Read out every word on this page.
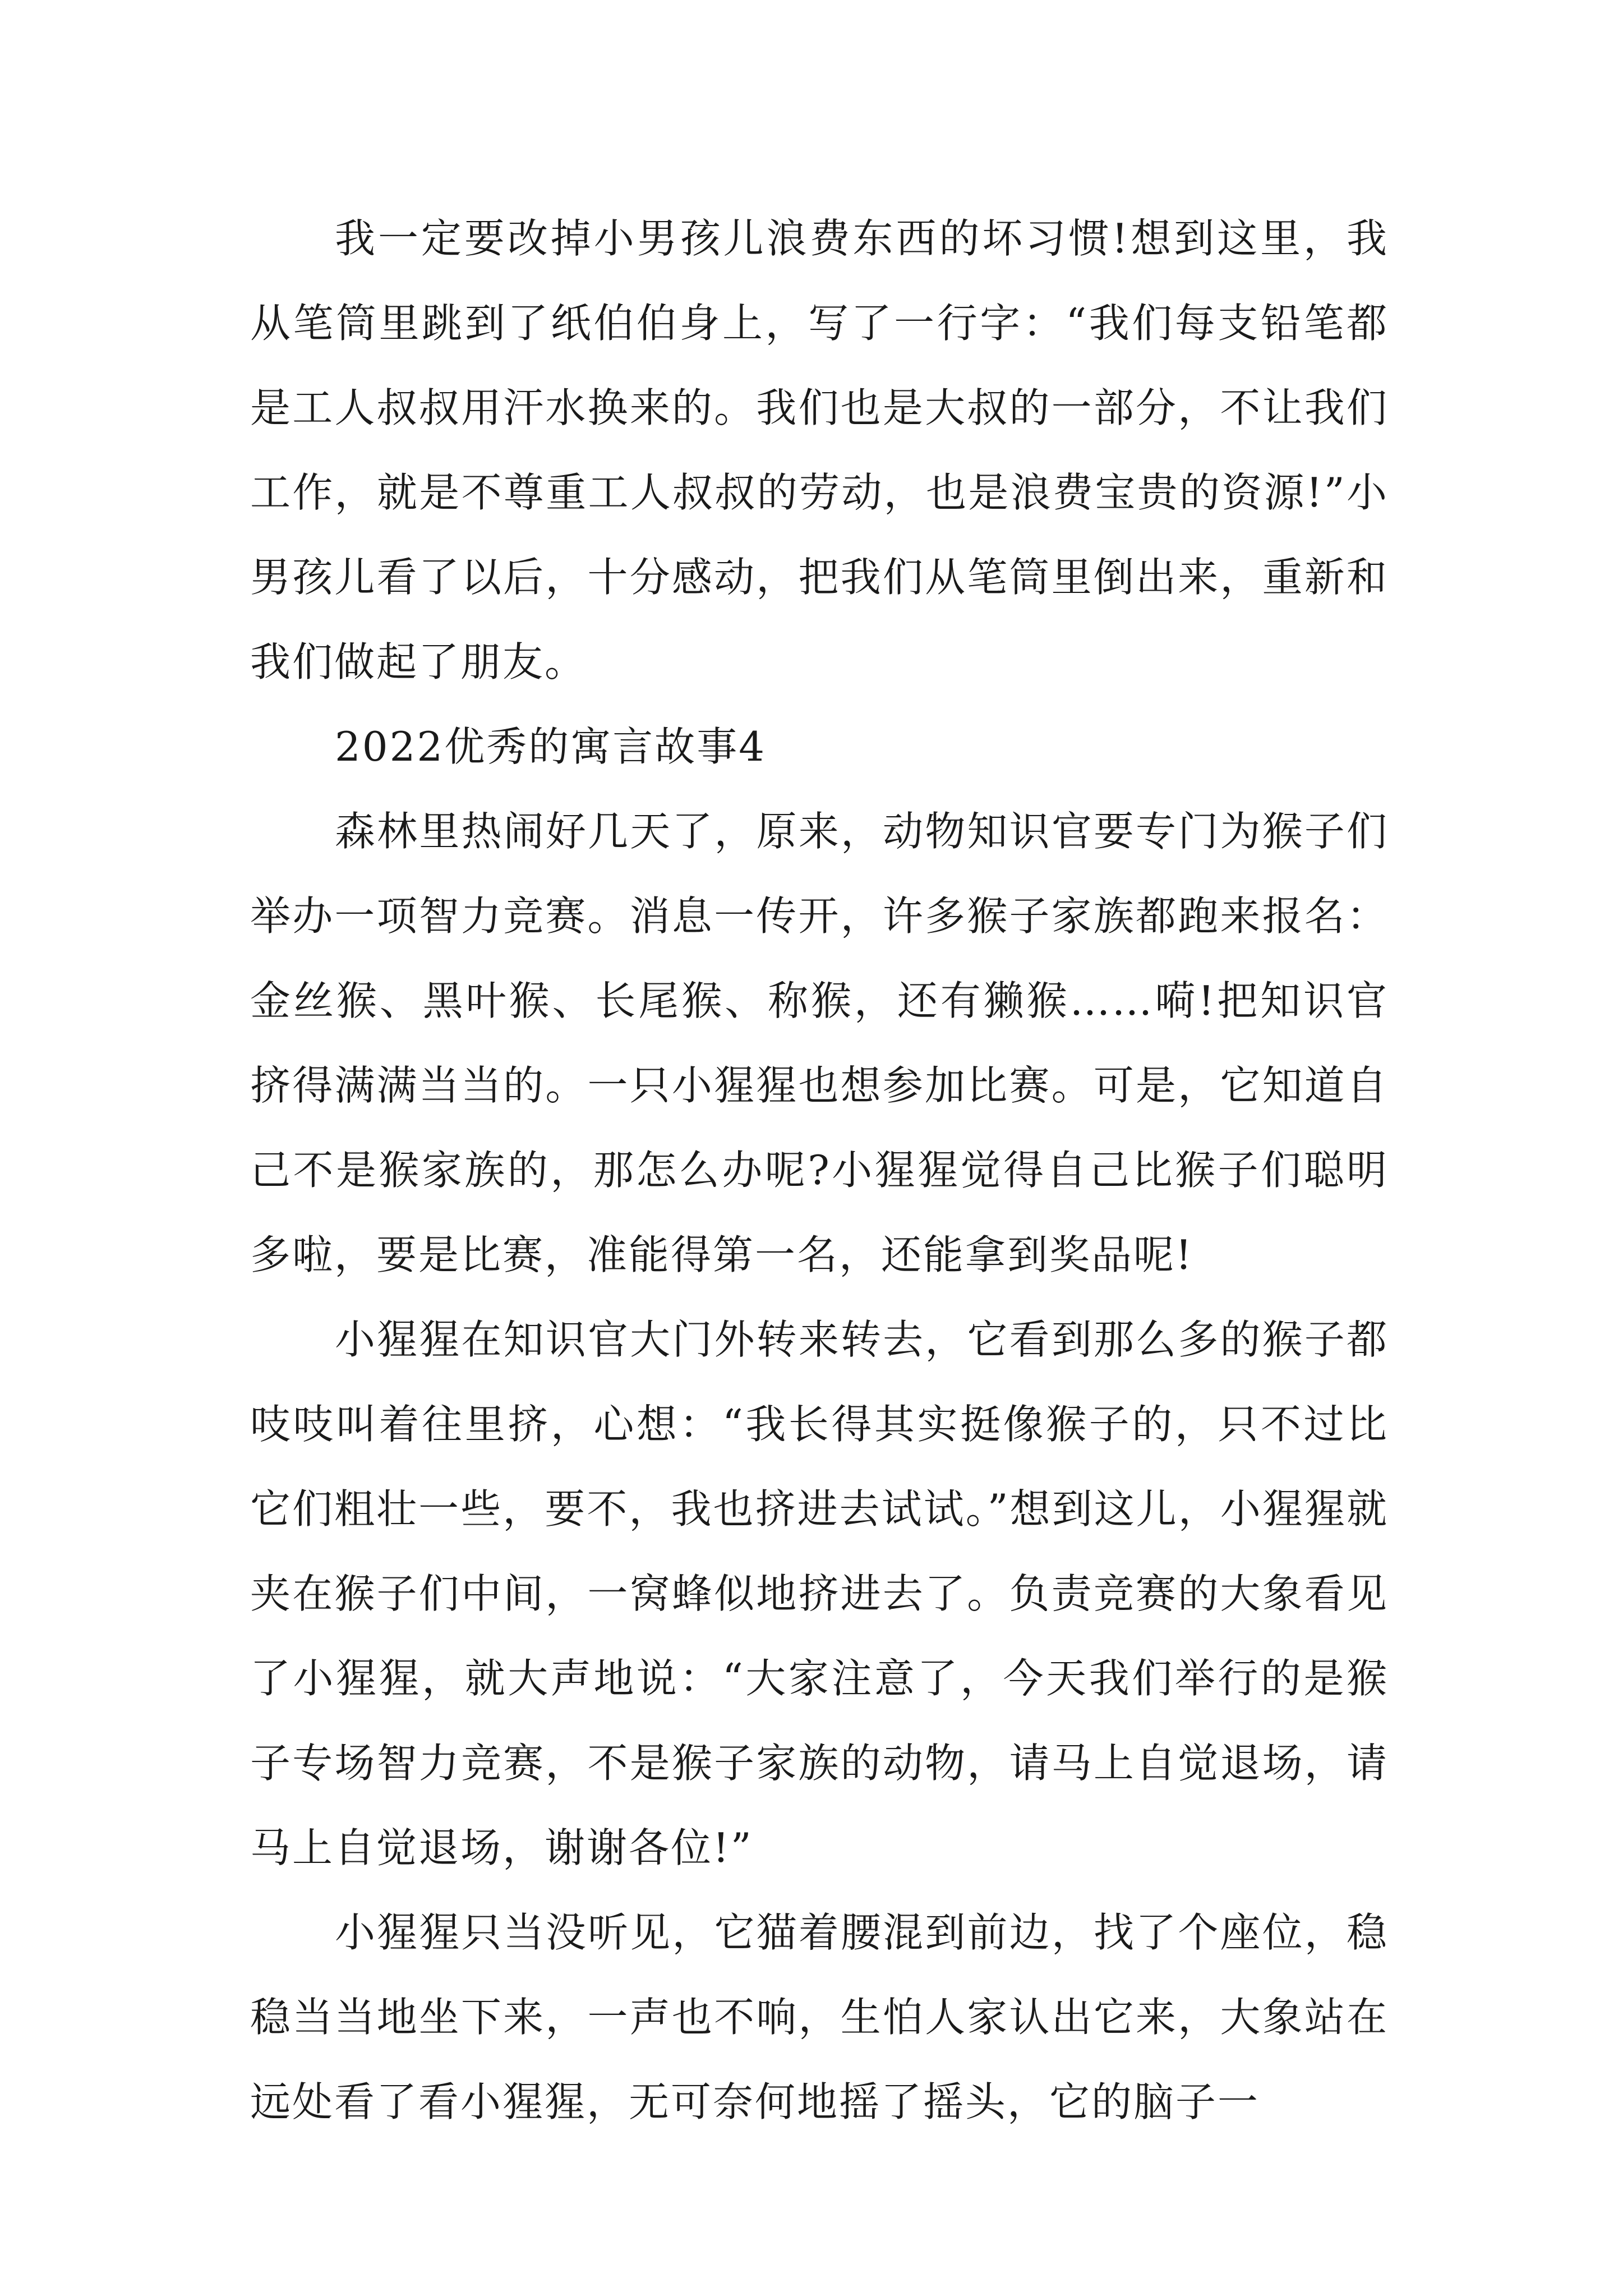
我一定要改掉小男孩儿浪费东西的坏习惯!想到这里，我从笔筒里跳到了纸伯伯身上，写了一行字：“我们每支铅笔都是工人叔叔用汗水换来的。我们也是大叔的一部分，不让我们工作，就是不尊重工人叔叔的劳动，也是浪费宝贵的资源!”小男孩儿看了以后，十分感动，把我们从笔筒里倒出来，重新和我们做起了朋友。

2022优秀的寓言故事4

森林里热闹好几天了，原来，动物知识官要专门为猴子们举办一项智力竞赛。消息一传开，许多猴子家族都跑来报名：金丝猴、黑叶猴、长尾猴、称猴，还有獭猴……嗬!把知识官挤得满满当当的。一只小猩猩也想参加比赛。可是，它知道自己不是猴家族的，那怎么办呢?小猩猩觉得自己比猴子们聪明多啦，要是比赛，准能得第一名，还能拿到奖品呢!

小猩猩在知识官大门外转来转去，它看到那么多的猴子都吱吱叫着往里挤，心想：“我长得其实挺像猴子的，只不过比它们粗壮一些，要不，我也挤进去试试。”想到这儿，小猩猩就夹在猴子们中间，一窝蜂似地挤进去了。负责竞赛的大象看见了小猩猩，就大声地说：“大家注意了，今天我们举行的是猴子专场智力竞赛，不是猴子家族的动物，请马上自觉退场，请马上自觉退场，谢谢各位!”

小猩猩只当没听见，它猫着腰混到前边，找了个座位，稳稳当当地坐下来，一声也不响，生怕人家认出它来，大象站在远处看了看小猩猩，无可奈何地摇了摇头，它的脑子一
